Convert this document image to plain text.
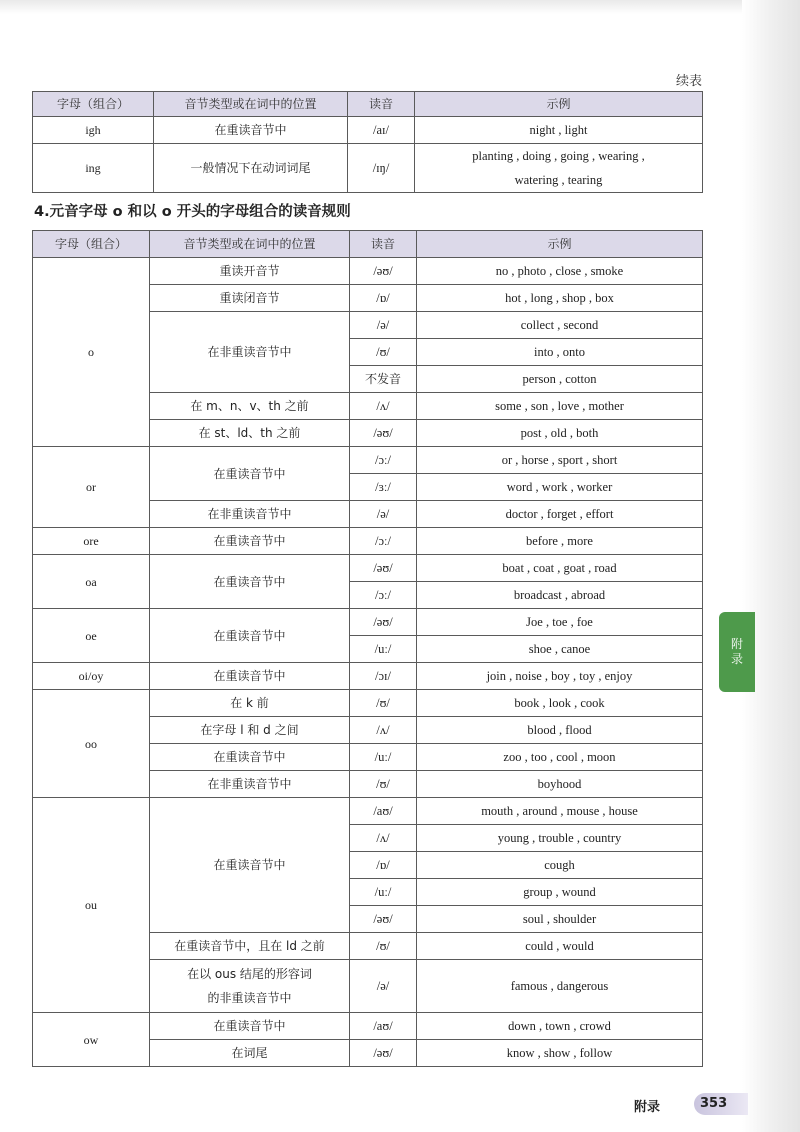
续表
字母（组合）	音节类型或在词中的位置	读音	示例
igh	在重读音节中	/aɪ/	night , light
ing	一般情况下在动词词尾	/ɪŋ/	planting , doing , going , wearing ,
watering , tearing
4.元音字母 o 和以 o 开头的字母组合的读音规则
字母（组合）	音节类型或在词中的位置	读音	示例
o	重读开音节	/əʊ/	no , photo , close , smoke
	重读闭音节	/ɒ/	hot , long , shop , box
	在非重读音节中	/ə/	collect , second
		/ʊ/	into , onto
		不发音	person , cotton
	在 m、n、v、th 之前	/ʌ/	some , son , love , mother
	在 st、ld、th 之前	/əʊ/	post , old , both
or	在重读音节中	/ɔː/	or , horse , sport , short
		/ɜː/	word , work , worker
	在非重读音节中	/ə/	doctor , forget , effort
ore	在重读音节中	/ɔː/	before , more
oa	在重读音节中	/əʊ/	boat , coat , goat , road
		/ɔː/	broadcast , abroad
oe	在重读音节中	/əʊ/	Joe , toe , foe
		/uː/	shoe , canoe
oi/oy	在重读音节中	/ɔɪ/	join , noise , boy , toy , enjoy
oo	在 k 前	/ʊ/	book , look , cook
	在字母 l 和 d 之间	/ʌ/	blood , flood
	在重读音节中	/uː/	zoo , too , cool , moon
	在非重读音节中	/ʊ/	boyhood
ou	在重读音节中	/aʊ/	mouth , around , mouse , house
		/ʌ/	young , trouble , country
		/ɒ/	cough
		/uː/	group , wound
		/əʊ/	soul , shoulder
	在重读音节中，且在 ld 之前	/ʊ/	could , would

	在以 ous 结尾的形容词
的非重读音节中	/ə/	famous , dangerous
ow	在重读音节中	/aʊ/	down , town , crowd
	在词尾	/əʊ/	know , show , follow
附
录
附录	353
